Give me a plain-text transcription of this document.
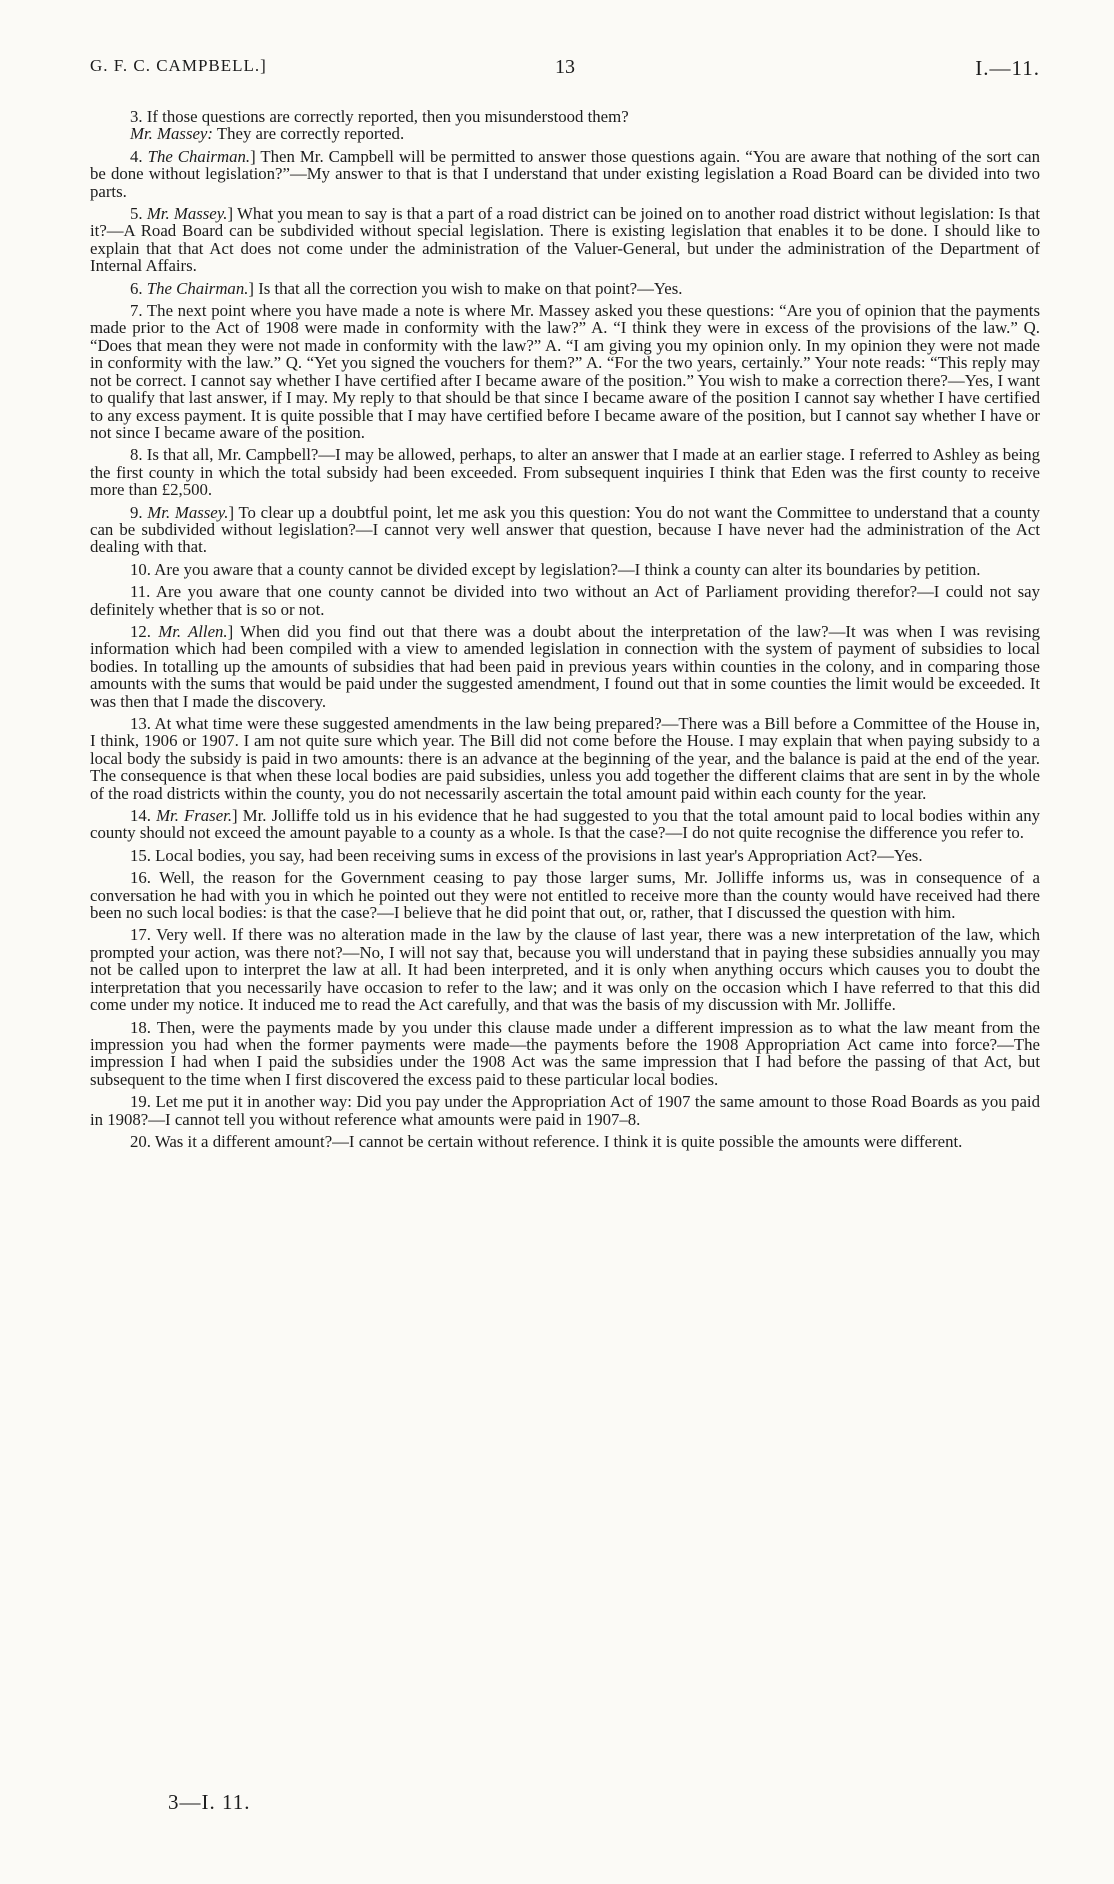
G. F. C. CAMPBELL.]	13	I.—11.

3. If those questions are correctly reported, then you misunderstood them?

Mr. Massey: They are correctly reported.

4. The Chairman.] Then Mr. Campbell will be permitted to answer those questions again. “You are aware that nothing of the sort can be done without legislation?”—My answer to that is that I understand that under existing legislation a Road Board can be divided into two parts.

5. Mr. Massey.] What you mean to say is that a part of a road district can be joined on to another road district without legislation: Is that it?—A Road Board can be subdivided without special legislation. There is existing legislation that enables it to be done. I should like to explain that that Act does not come under the administration of the Valuer-General, but under the administration of the Department of Internal Affairs.

6. The Chairman.] Is that all the correction you wish to make on that point?—Yes.

7. The next point where you have made a note is where Mr. Massey asked you these questions: “Are you of opinion that the payments made prior to the Act of 1908 were made in conformity with the law?” A. “I think they were in excess of the provisions of the law.” Q. “Does that mean they were not made in conformity with the law?” A. “I am giving you my opinion only. In my opinion they were not made in conformity with the law.” Q. “Yet you signed the vouchers for them?” A. “For the two years, certainly.” Your note reads: “This reply may not be correct. I cannot say whether I have certified after I became aware of the position.” You wish to make a correction there?—Yes, I want to qualify that last answer, if I may. My reply to that should be that since I became aware of the position I cannot say whether I have certified to any excess payment. It is quite possible that I may have certified before I became aware of the position, but I cannot say whether I have or not since I became aware of the position.

8. Is that all, Mr. Campbell?—I may be allowed, perhaps, to alter an answer that I made at an earlier stage. I referred to Ashley as being the first county in which the total subsidy had been exceeded. From subsequent inquiries I think that Eden was the first county to receive more than £2,500.

9. Mr. Massey.] To clear up a doubtful point, let me ask you this question: You do not want the Committee to understand that a county can be subdivided without legislation?—I cannot very well answer that question, because I have never had the administration of the Act dealing with that.

10. Are you aware that a county cannot be divided except by legislation?—I think a county can alter its boundaries by petition.

11. Are you aware that one county cannot be divided into two without an Act of Parliament providing therefor?—I could not say definitely whether that is so or not.

12. Mr. Allen.] When did you find out that there was a doubt about the interpretation of the law?—It was when I was revising information which had been compiled with a view to amended legislation in connection with the system of payment of subsidies to local bodies. In totalling up the amounts of subsidies that had been paid in previous years within counties in the colony, and in comparing those amounts with the sums that would be paid under the suggested amendment, I found out that in some counties the limit would be exceeded. It was then that I made the discovery.

13. At what time were these suggested amendments in the law being prepared?—There was a Bill before a Committee of the House in, I think, 1906 or 1907. I am not quite sure which year. The Bill did not come before the House. I may explain that when paying subsidy to a local body the subsidy is paid in two amounts: there is an advance at the beginning of the year, and the balance is paid at the end of the year. The consequence is that when these local bodies are paid subsidies, unless you add together the different claims that are sent in by the whole of the road districts within the county, you do not necessarily ascertain the total amount paid within each county for the year.

14. Mr. Fraser.] Mr. Jolliffe told us in his evidence that he had suggested to you that the total amount paid to local bodies within any county should not exceed the amount payable to a county as a whole. Is that the case?—I do not quite recognise the difference you refer to.

15. Local bodies, you say, had been receiving sums in excess of the provisions in last year's Appropriation Act?—Yes.

16. Well, the reason for the Government ceasing to pay those larger sums, Mr. Jolliffe informs us, was in consequence of a conversation he had with you in which he pointed out they were not entitled to receive more than the county would have received had there been no such local bodies: is that the case?—I believe that he did point that out, or, rather, that I discussed the question with him.

17. Very well. If there was no alteration made in the law by the clause of last year, there was a new interpretation of the law, which prompted your action, was there not?—No, I will not say that, because you will understand that in paying these subsidies annually you may not be called upon to interpret the law at all. It had been interpreted, and it is only when anything occurs which causes you to doubt the interpretation that you necessarily have occasion to refer to the law; and it was only on the occasion which I have referred to that this did come under my notice. It induced me to read the Act carefully, and that was the basis of my discussion with Mr. Jolliffe.

18. Then, were the payments made by you under this clause made under a different impression as to what the law meant from the impression you had when the former payments were made—the payments before the 1908 Appropriation Act came into force?—The impression I had when I paid the subsidies under the 1908 Act was the same impression that I had before the passing of that Act, but subsequent to the time when I first discovered the excess paid to these particular local bodies.

19. Let me put it in another way: Did you pay under the Appropriation Act of 1907 the same amount to those Road Boards as you paid in 1908?—I cannot tell you without reference what amounts were paid in 1907–8.

20. Was it a different amount?—I cannot be certain without reference. I think it is quite possible the amounts were different.

3—I. 11.
